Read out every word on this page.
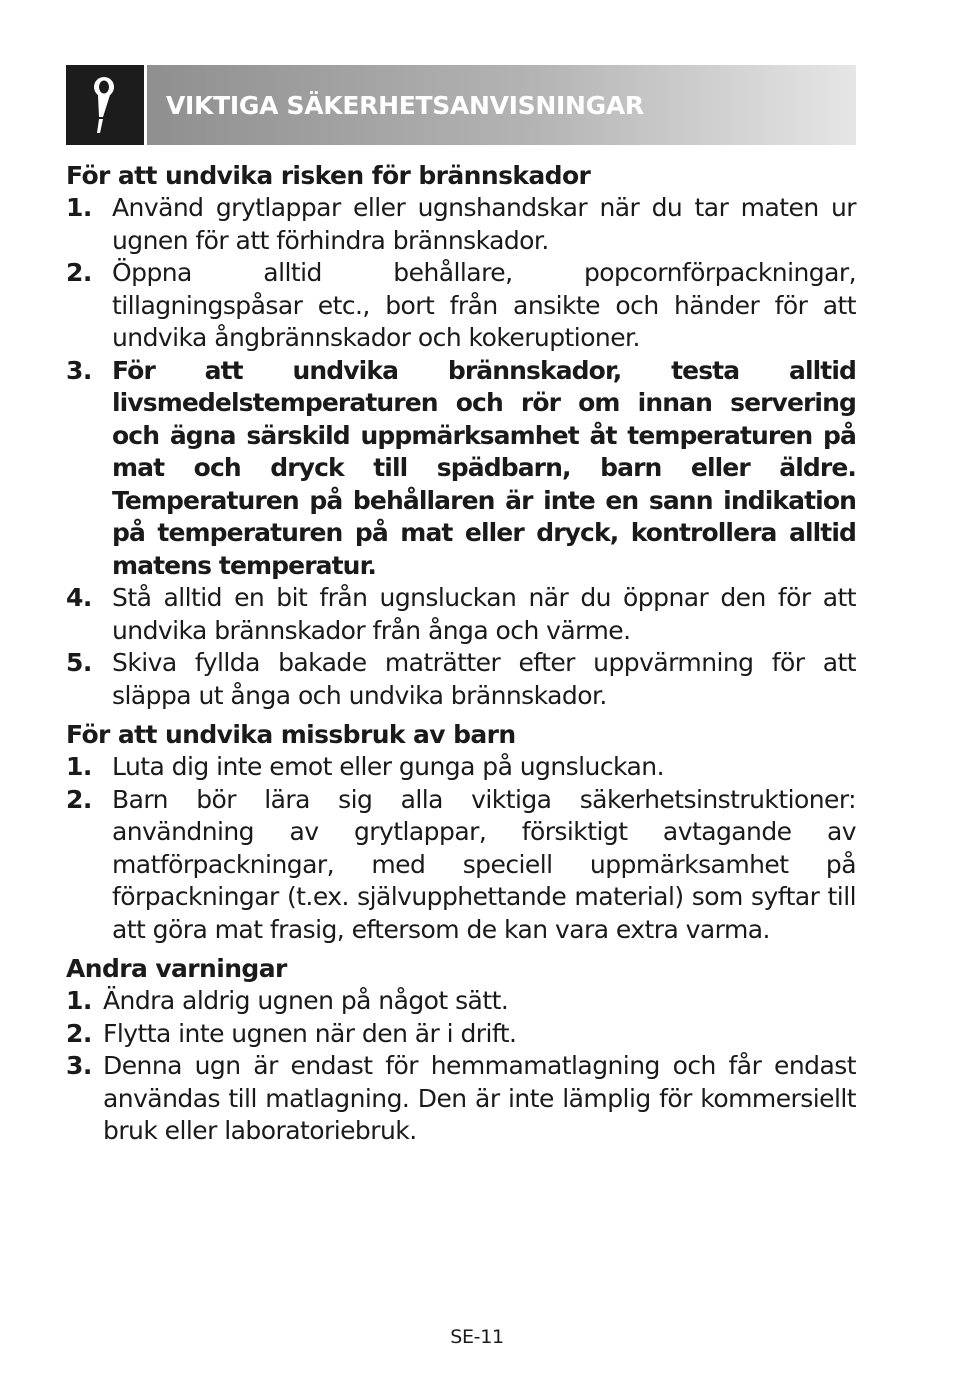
VIKTIGA SÄKERHETSANVISNINGAR
För att undvika risken för brännskador
1. Använd grytlappar eller ugnshandskar när du tar maten ur ugnen för att förhindra brännskador.
2. Öppna alltid behållare, popcornförpackningar, tillagningspåsar etc., bort från ansikte och händer för att undvika ångbrännskador och kokeruptioner.
3. För att undvika brännskador, testa alltid livsmedelstemperaturen och rör om innan servering och ägna särskild uppmärksamhet åt temperaturen på mat och dryck till spädbarn, barn eller äldre. Temperaturen på behållaren är inte en sann indikation på temperaturen på mat eller dryck, kontrollera alltid matens temperatur.
4. Stå alltid en bit från ugnsluckan när du öppnar den för att undvika brännskador från ånga och värme.
5. Skiva fyllda bakade maträtter efter uppvärmning för att släppa ut ånga och undvika brännskador.
För att undvika missbruk av barn
1. Luta dig inte emot eller gunga på ugnsluckan.
2. Barn bör lära sig alla viktiga säkerhetsinstruktioner: användning av grytlappar, försiktigt avtagande av matförpackningar, med speciell uppmärksamhet på förpackningar (t.ex. självupphettande material) som syftar till att göra mat frasig, eftersom de kan vara extra varma.
Andra varningar
1. Ändra aldrig ugnen på något sätt.
2. Flytta inte ugnen när den är i drift.
3. Denna ugn är endast för hemmamatlagning och får endast användas till matlagning. Den är inte lämplig för kommersiellt bruk eller laboratoriebruk.
SE-11
